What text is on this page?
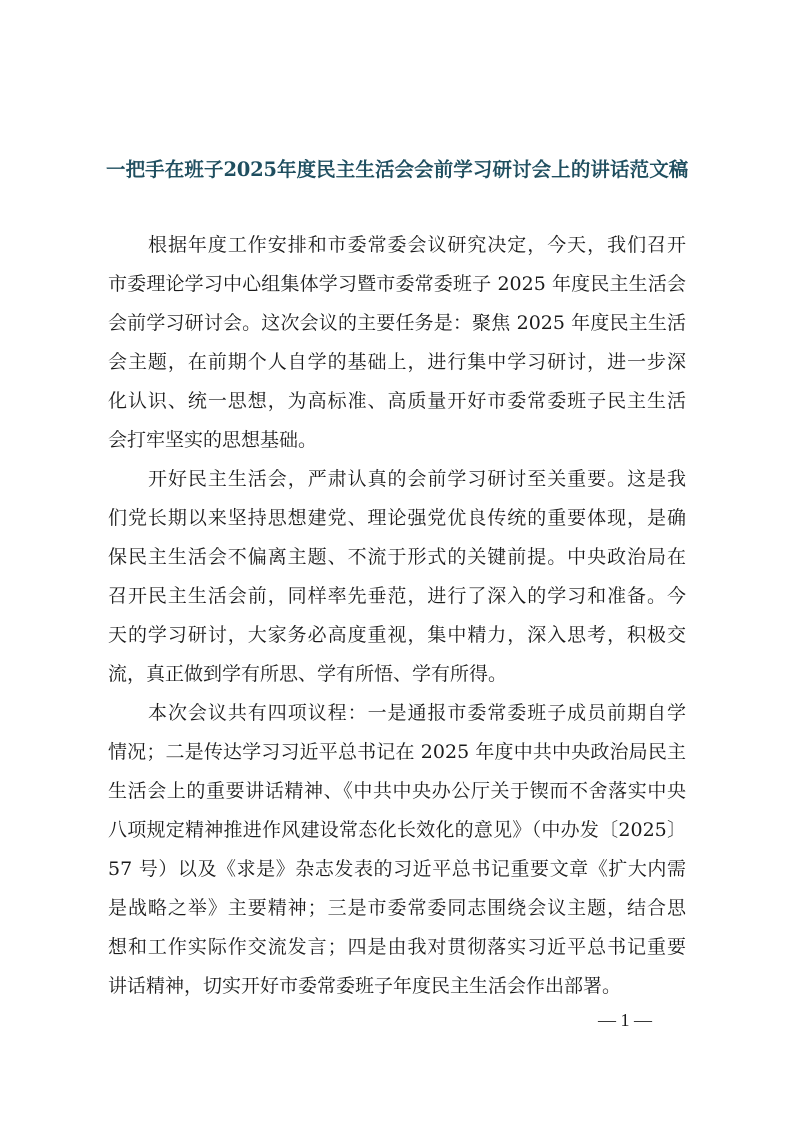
一把手在班子2025年度民主生活会会前学习研讨会上的讲话范文稿
根据年度工作安排和市委常委会议研究决定，今天，我们召开
市委理论学习中心组集体学习暨市委常委班子 2025 年度民主生活会
会前学习研讨会。这次会议的主要任务是：聚焦 2025 年度民主生活
会主题，在前期个人自学的基础上，进行集中学习研讨，进一步深
化认识、统一思想，为高标准、高质量开好市委常委班子民主生活
会打牢坚实的思想基础。
开好民主生活会，严肃认真的会前学习研讨至关重要。这是我
们党长期以来坚持思想建党、理论强党优良传统的重要体现，是确
保民主生活会不偏离主题、不流于形式的关键前提。中央政治局在
召开民主生活会前，同样率先垂范，进行了深入的学习和准备。今
天的学习研讨，大家务必高度重视，集中精力，深入思考，积极交
流，真正做到学有所思、学有所悟、学有所得。
本次会议共有四项议程：一是通报市委常委班子成员前期自学
情况；二是传达学习习近平总书记在 2025 年度中共中央政治局民主
生活会上的重要讲话精神、《中共中央办公厅关于锲而不舍落实中央
八项规定精神推进作风建设常态化长效化的意见》（中办发〔2025〕
57 号）以及《求是》杂志发表的习近平总书记重要文章《扩大内需
是战略之举》主要精神；三是市委常委同志围绕会议主题，结合思
想和工作实际作交流发言；四是由我对贯彻落实习近平总书记重要
讲话精神，切实开好市委常委班子年度民主生活会作出部署。
— 1 —
